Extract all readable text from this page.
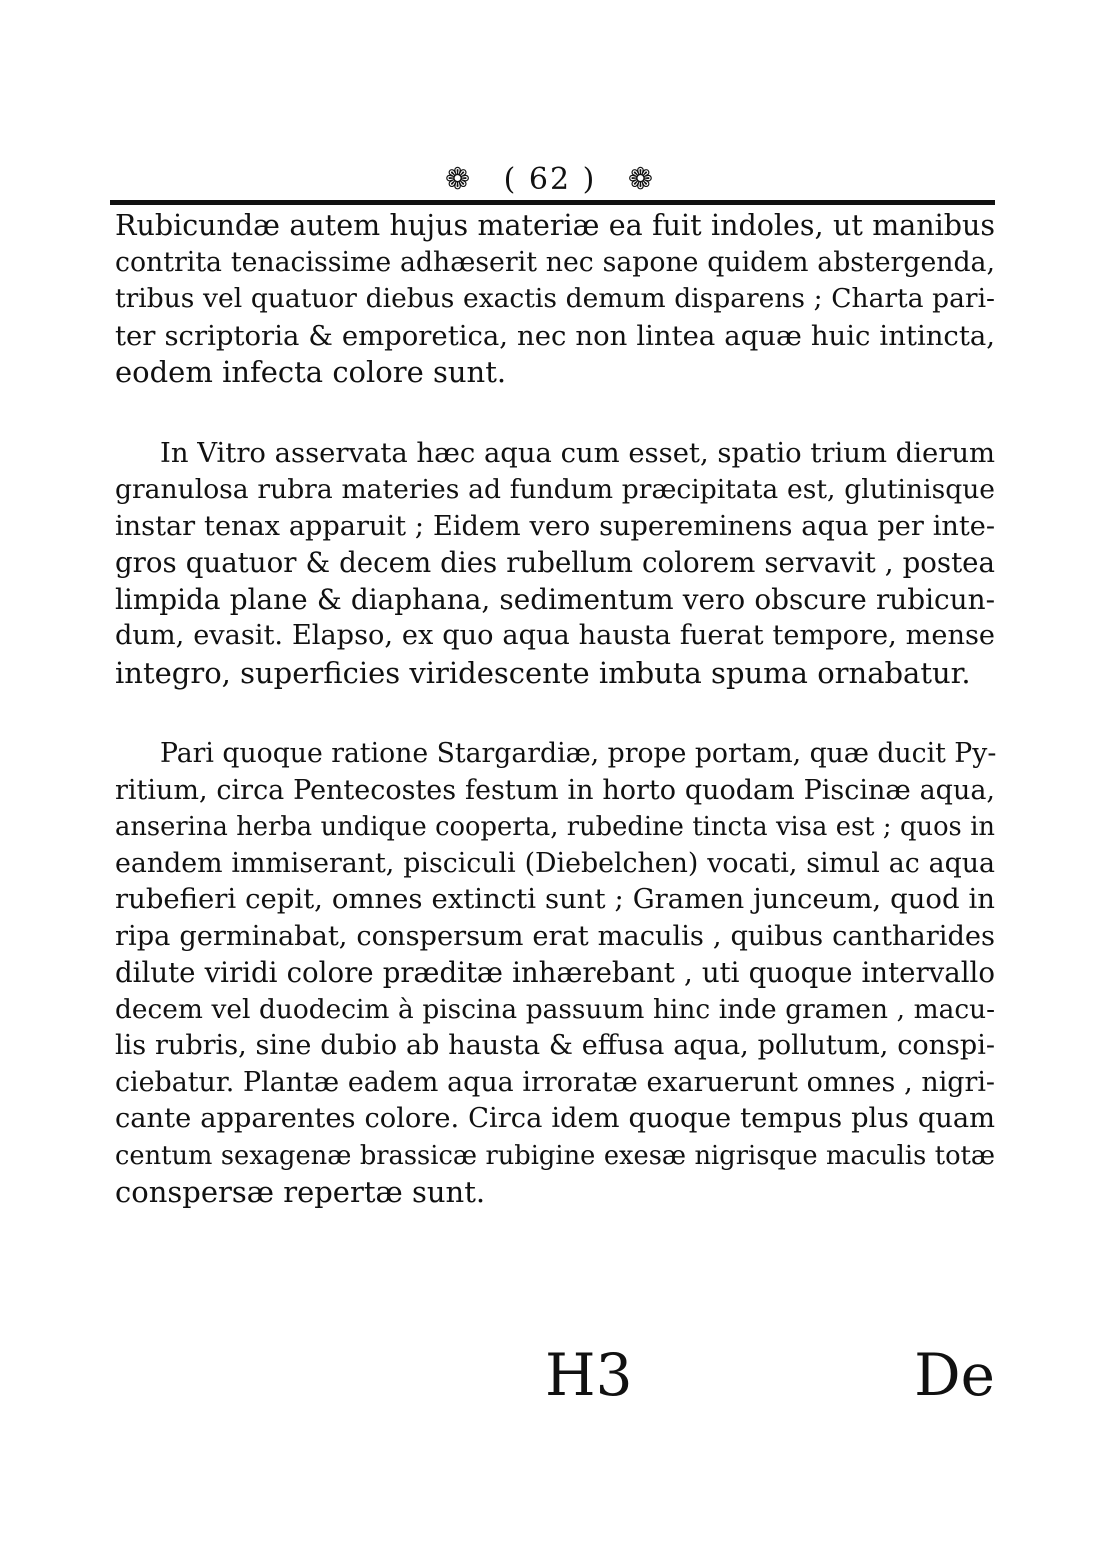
❁ ( 62 ) ❁
Rubicundæ autem hujus materiæ ea fuit indoles, ut manibus
contrita tenacissime adhæserit nec sapone quidem abstergenda,
tribus vel quatuor diebus exactis demum disparens ; Charta pari-
ter scriptoria & emporetica, nec non lintea aquæ huic intincta,
eodem infecta colore sunt.
In Vitro asservata hæc aqua cum esset, spatio trium dierum
granulosa rubra materies ad fundum præcipitata est, glutinisque
instar tenax apparuit ; Eidem vero supereminens aqua per inte-
gros quatuor & decem dies rubellum colorem servavit , postea
limpida plane & diaphana, sedimentum vero obscure rubicun-
dum, evasit. Elapso, ex quo aqua hausta fuerat tempore, mense
integro, superficies viridescente imbuta spuma ornabatur.
Pari quoque ratione Stargardiæ, prope portam, quæ ducit Py-
ritium, circa Pentecostes festum in horto quodam Piscinæ aqua,
anserina herba undique cooperta, rubedine tincta visa est ; quos in
eandem immiserant, pisciculi (Diebelchen) vocati, simul ac aqua
rubefieri cepit, omnes extincti sunt ; Gramen junceum, quod in
ripa germinabat, conspersum erat maculis , quibus cantharides
dilute viridi colore præditæ inhærebant , uti quoque intervallo
decem vel duodecim à piscina passuum hinc inde gramen , macu-
lis rubris, sine dubio ab hausta & effusa aqua, pollutum, conspi-
ciebatur. Plantæ eadem aqua irroratæ exaruerunt omnes , nigri-
cante apparentes colore. Circa idem quoque tempus plus quam
centum sexagenæ brassicæ rubigine exesæ nigrisque maculis totæ
conspersæ repertæ sunt.
H3	De
